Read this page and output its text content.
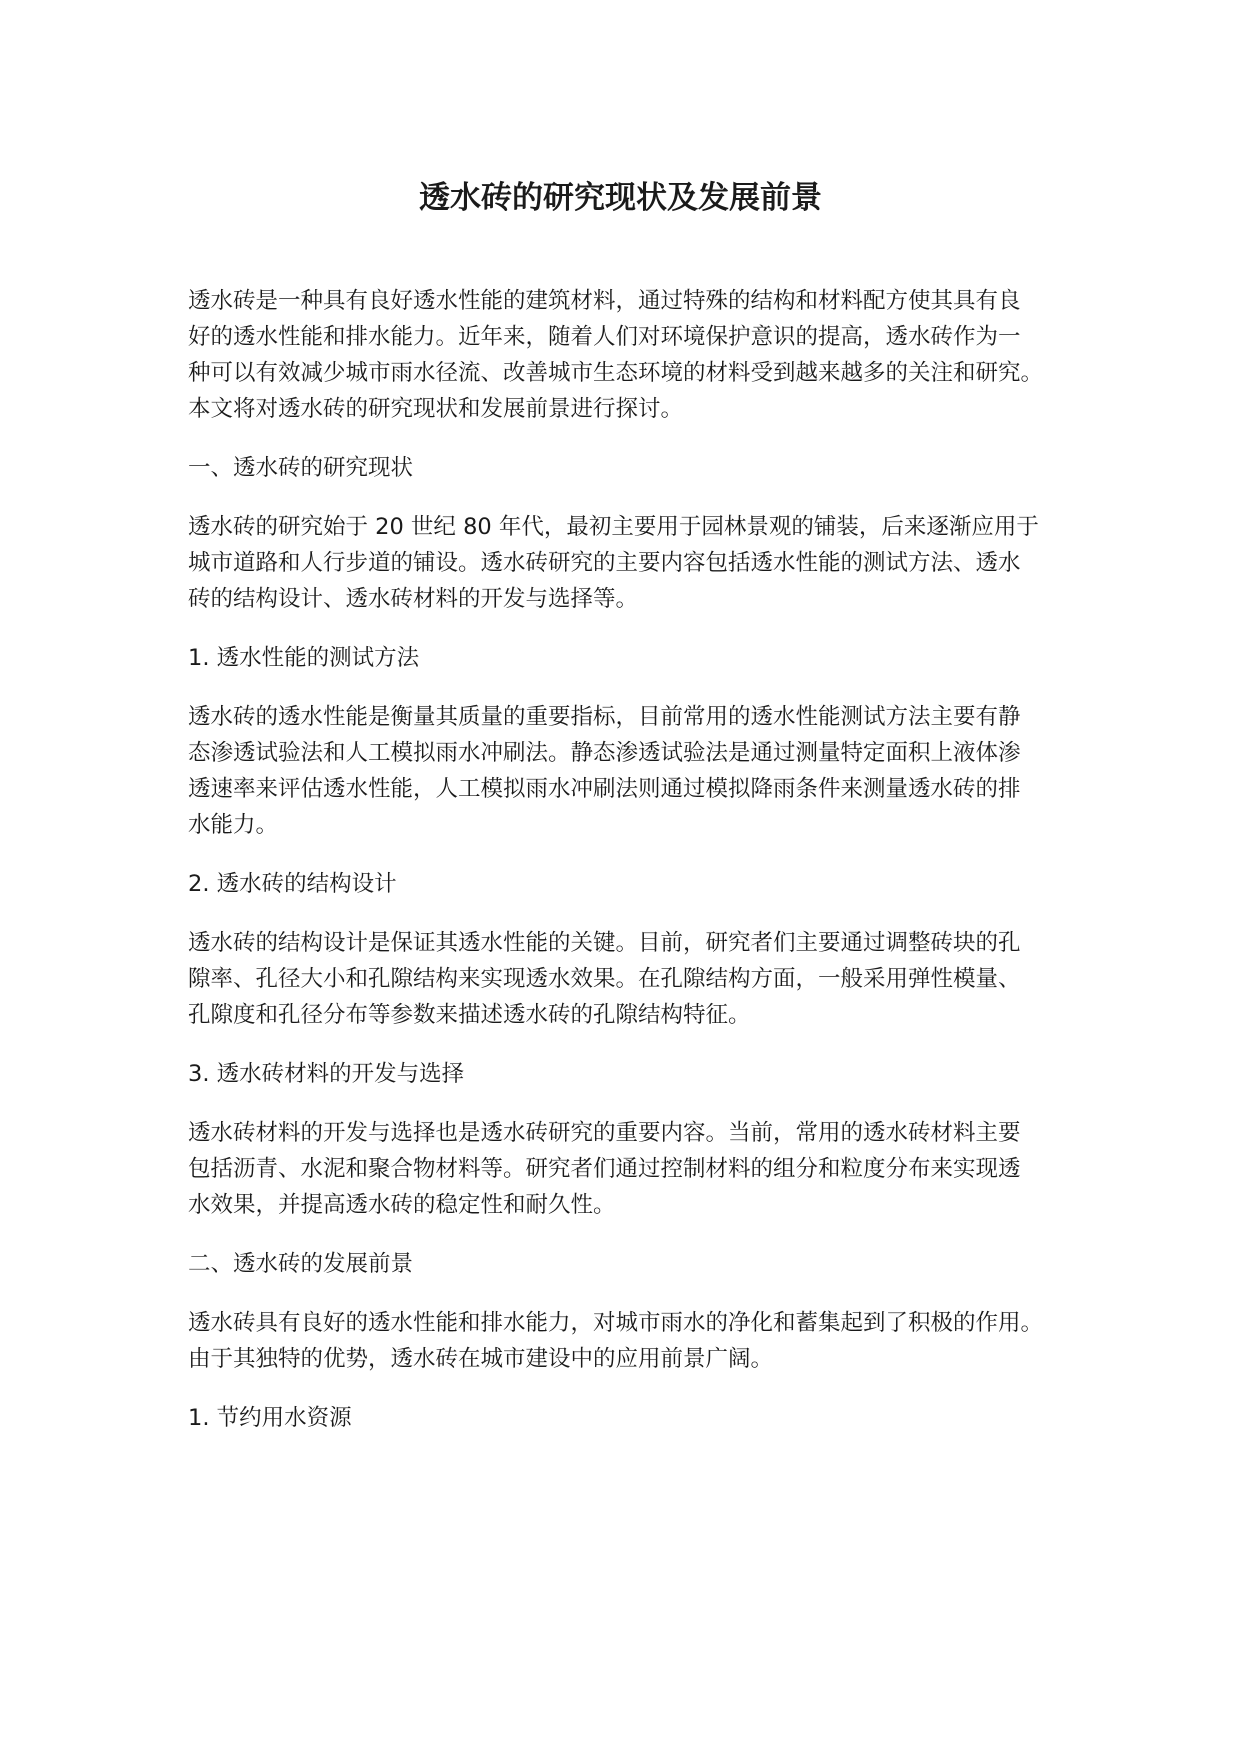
透水砖的研究现状及发展前景

透水砖是一种具有良好透水性能的建筑材料，通过特殊的结构和材料配方使其具有良
好的透水性能和排水能力。近年来，随着人们对环境保护意识的提高，透水砖作为一
种可以有效减少城市雨水径流、改善城市生态环境的材料受到越来越多的关注和研究。
本文将对透水砖的研究现状和发展前景进行探讨。

一、透水砖的研究现状

透水砖的研究始于 20 世纪 80 年代，最初主要用于园林景观的铺装，后来逐渐应用于
城市道路和人行步道的铺设。透水砖研究的主要内容包括透水性能的测试方法、透水
砖的结构设计、透水砖材料的开发与选择等。

1. 透水性能的测试方法

透水砖的透水性能是衡量其质量的重要指标，目前常用的透水性能测试方法主要有静
态渗透试验法和人工模拟雨水冲刷法。静态渗透试验法是通过测量特定面积上液体渗
透速率来评估透水性能，人工模拟雨水冲刷法则通过模拟降雨条件来测量透水砖的排
水能力。

2. 透水砖的结构设计

透水砖的结构设计是保证其透水性能的关键。目前，研究者们主要通过调整砖块的孔
隙率、孔径大小和孔隙结构来实现透水效果。在孔隙结构方面，一般采用弹性模量、
孔隙度和孔径分布等参数来描述透水砖的孔隙结构特征。

3. 透水砖材料的开发与选择

透水砖材料的开发与选择也是透水砖研究的重要内容。当前，常用的透水砖材料主要
包括沥青、水泥和聚合物材料等。研究者们通过控制材料的组分和粒度分布来实现透
水效果，并提高透水砖的稳定性和耐久性。

二、透水砖的发展前景

透水砖具有良好的透水性能和排水能力，对城市雨水的净化和蓄集起到了积极的作用。
由于其独特的优势，透水砖在城市建设中的应用前景广阔。

1. 节约用水资源
